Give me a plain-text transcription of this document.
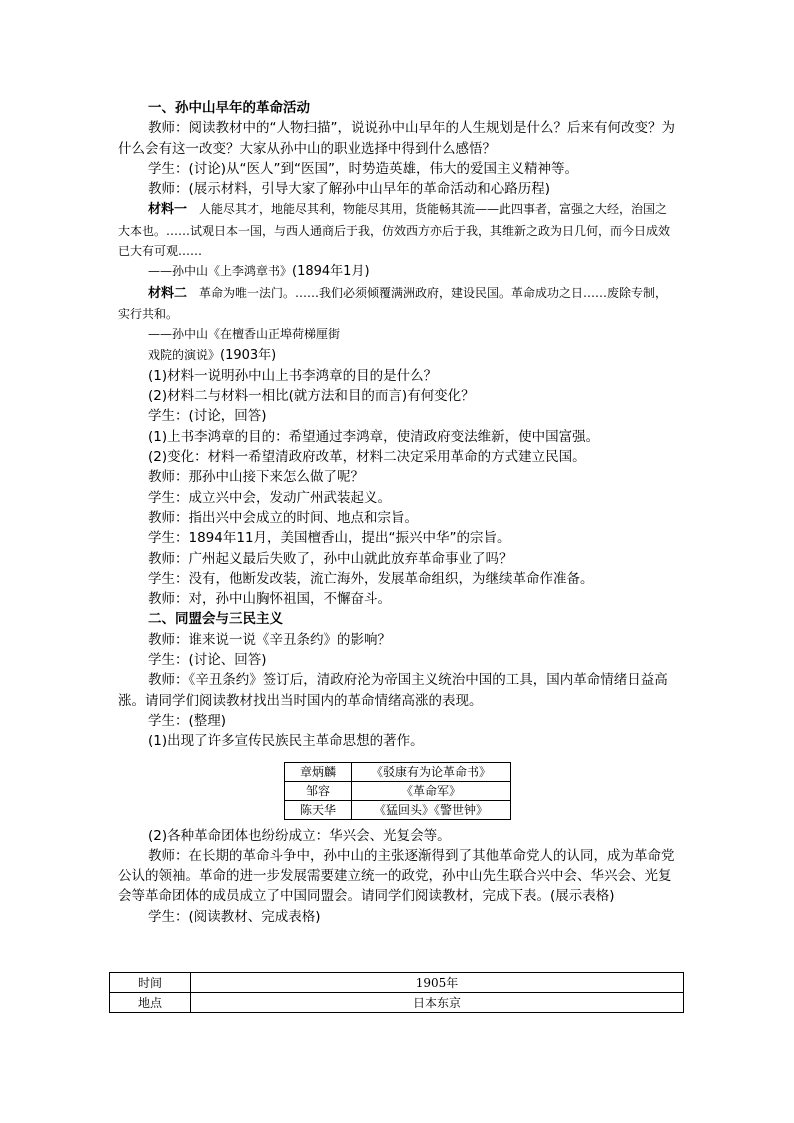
一、孙中山早年的革命活动

教师：阅读教材中的“人物扫描”，说说孙中山早年的人生规划是什么？后来有何改变？为什么会有这一改变？大家从孙中山的职业选择中得到什么感悟？

学生：(讨论)从“医人”到“医国”，时势造英雄，伟大的爱国主义精神等。

教师：(展示材料，引导大家了解孙中山早年的革命活动和心路历程)

材料一　 人能尽其才，地能尽其利，物能尽其用，货能畅其流——此四事者，富强之大经，治国之大本也。……试观日本一国，与西人通商后于我，仿效西方亦后于我，其维新之政为日几何，而今日成效已大有可观……

——孙中山《上李鸿章书》(1894年1月)

材料二　 革命为唯一法门。……我们必须倾覆满洲政府，建设民国。革命成功之日……废除专制，实行共和。

——孙中山《在檀香山正埠荷梯厘街

戏院的演说》(1903年)

(1)材料一说明孙中山上书李鸿章的目的是什么？

(2)材料二与材料一相比(就方法和目的而言)有何变化？

学生：(讨论，回答)

(1)上书李鸿章的目的：希望通过李鸿章，使清政府变法维新，使中国富强。

(2)变化：材料一希望清政府改革，材料二决定采用革命的方式建立民国。

教师：那孙中山接下来怎么做了呢？

学生：成立兴中会，发动广州武装起义。

教师：指出兴中会成立的时间、地点和宗旨。

学生：1894年11月，美国檀香山，提出“振兴中华”的宗旨。

教师：广州起义最后失败了，孙中山就此放弃革命事业了吗？

学生：没有，他断发改装，流亡海外，发展革命组织，为继续革命作准备。

教师：对，孙中山胸怀祖国，不懈奋斗。

二、同盟会与三民主义

教师：谁来说一说《辛丑条约》的影响？

学生：(讨论、回答)

教师：《辛丑条约》签订后，清政府沦为帝国主义统治中国的工具，国内革命情绪日益高涨。请同学们阅读教材找出当时国内的革命情绪高涨的表现。

学生：(整理)

(1)出现了许多宣传民族民主革命思想的著作。

章炳麟	《驳康有为论革命书》
邹容	《革命军》
陈天华	《猛回头》《警世钟》

(2)各种革命团体也纷纷成立：华兴会、光复会等。

教师：在长期的革命斗争中，孙中山的主张逐渐得到了其他革命党人的认同，成为革命党公认的领袖。革命的进一步发展需要建立统一的政党，孙中山先生联合兴中会、华兴会、光复会等革命团体的成员成立了中国同盟会。请同学们阅读教材，完成下表。(展示表格)

学生：(阅读教材、完成表格)

时间	1905年
地点	日本东京
